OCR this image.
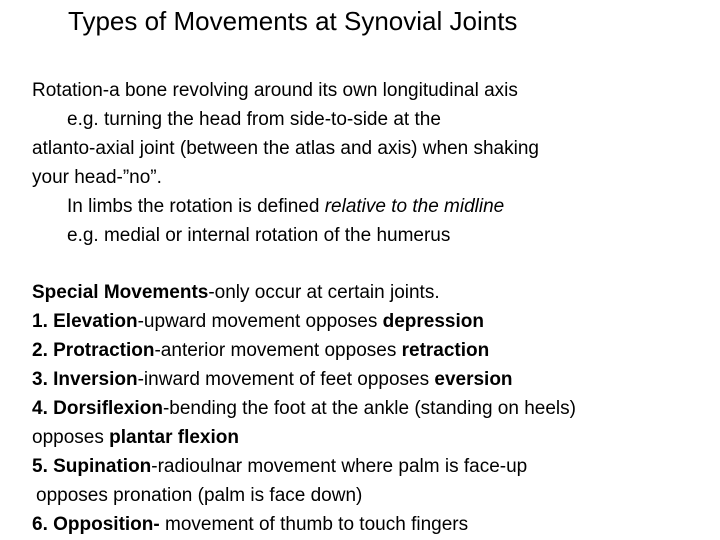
Types of Movements at Synovial Joints
Rotation-a bone revolving around its own longitudinal axis
e.g. turning the head from side-to-side at the
atlanto-axial joint (between the atlas and axis) when shaking
your head-”no”.
In limbs the rotation is defined relative to the midline
e.g. medial or internal rotation of the humerus
Special Movements-only occur at certain joints.
1. Elevation-upward movement opposes depression
2. Protraction-anterior movement opposes retraction
3. Inversion-inward movement of feet opposes eversion
4. Dorsiflexion-bending the foot at the ankle (standing on heels)
opposes plantar flexion
5. Supination-radioulnar movement where palm is face-up
opposes pronation (palm is face down)
6. Opposition- movement of thumb to touch fingers
